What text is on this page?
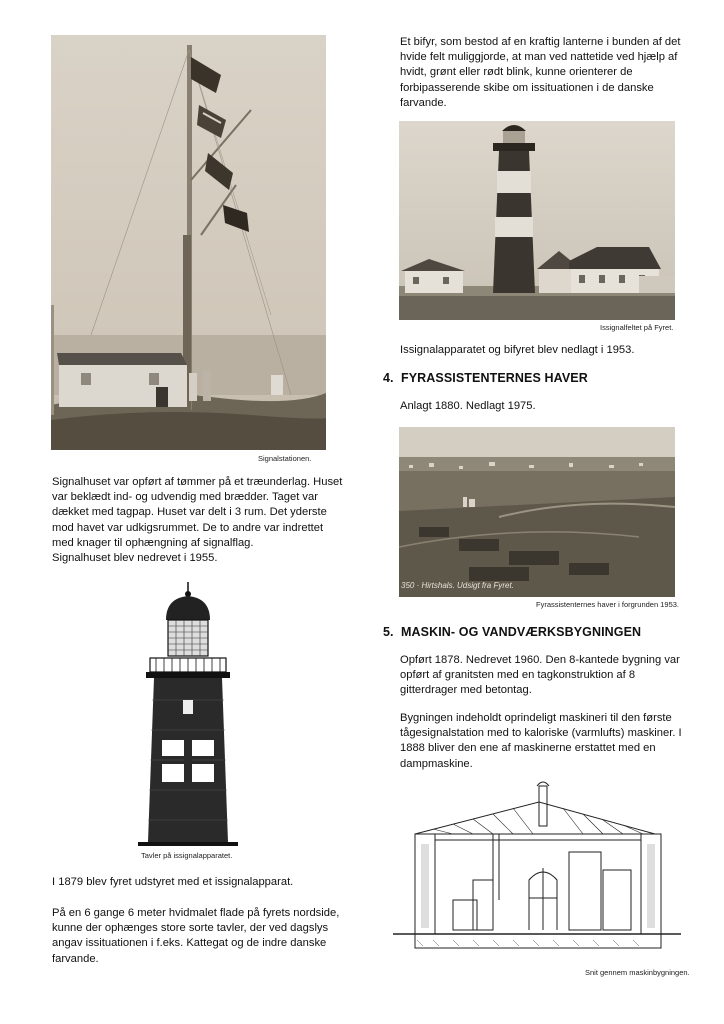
Signalstationen.
Signalhuset var opført af tømmer på et træunderlag. Huset
var beklædt ind- og udvendig med brædder. Taget var
dækket med tagpap. Huset var delt i 3 rum. Det yderste
mod havet var udkigsrummet. De to andre var indrettet
med knager til ophængning af signalflag.
Signalhuset blev nedrevet i 1955.
Tavler på issignalapparatet.
I 1879 blev fyret udstyret med et issignalapparat.
På en 6 gange 6 meter hvidmalet flade på fyrets nordside,
kunne der ophænges store sorte tavler, der ved dagslys
angav issituationen i f.eks. Kattegat og de indre danske
farvande.
Et bifyr, som bestod af en kraftig lanterne i bunden af det
hvide felt muliggjorde, at man ved nattetide ved hjælp af
hvidt, grønt eller rødt blink, kunne orienterer de
forbipasserende skibe om issituationen i de danske
farvande.
Issignalfeltet på Fyret.
Issignalapparatet og bifyret blev nedlagt i 1953.
4. FYRASSISTENTERNES HAVER
Anlagt 1880. Nedlagt 1975.
350 · Hirtshals. Udsigt fra Fyret.
Fyrassistenternes haver i forgrunden 1953.
5. MASKIN- OG VANDVÆRKSBYGNINGEN
Opført 1878. Nedrevet 1960. Den 8-kantede bygning var
opført af granitsten med en tagkonstruktion af 8
gitterdrager med betontag.
Bygningen indeholdt oprindeligt maskineri til den første
tågesignalstation med to kaloriske (varmlufts) maskiner. I
1888 bliver den ene af maskinerne erstattet med en
dampmaskine.
Snit gennem maskinbygningen.
